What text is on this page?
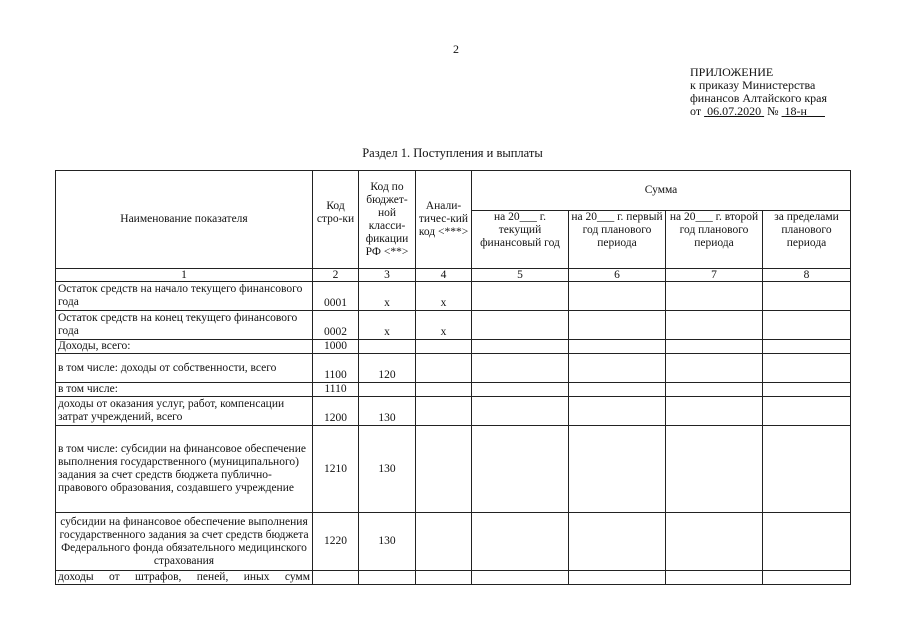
2
ПРИЛОЖЕНИЕ
к приказу Министерства
финансов Алтайского края
от 06.07.2020 № 18-н
Раздел 1. Поступления и выплаты
Наименование показателя	Код стро-ки	Код по бюджет-ной класси-фикации РФ <**>	Анали-тичес-кий код <***>	Сумма			
				на 20___ г. текущий финансовый год	на 20___ г. первый год планового периода	на 20___ г. второй год планового периода	за пределами планового периода
1	2	3	4	5	6	7	8
Остаток средств на начало текущего финансового года	0001	x	x				
Остаток средств на конец текущего финансового года	0002	x	x				
Доходы, всего:	1000						
в том числе: доходы от собственности, всего	1100	120					
в том числе:	1110						
доходы от оказания услуг, работ, компенсации затрат учреждений, всего	1200	130					
в том числе: субсидии на финансовое обеспечение выполнения государственного (муниципального) задания за счет средств бюджета публично-правового образования, создавшего учреждение	1210	130					
субсидии на финансовое обеспечение выполнения государственного задания за счет средств бюджета Федерального фонда обязательного медицинского страхования	1220	130					
доходы от штрафов, пеней, иных сумм							
